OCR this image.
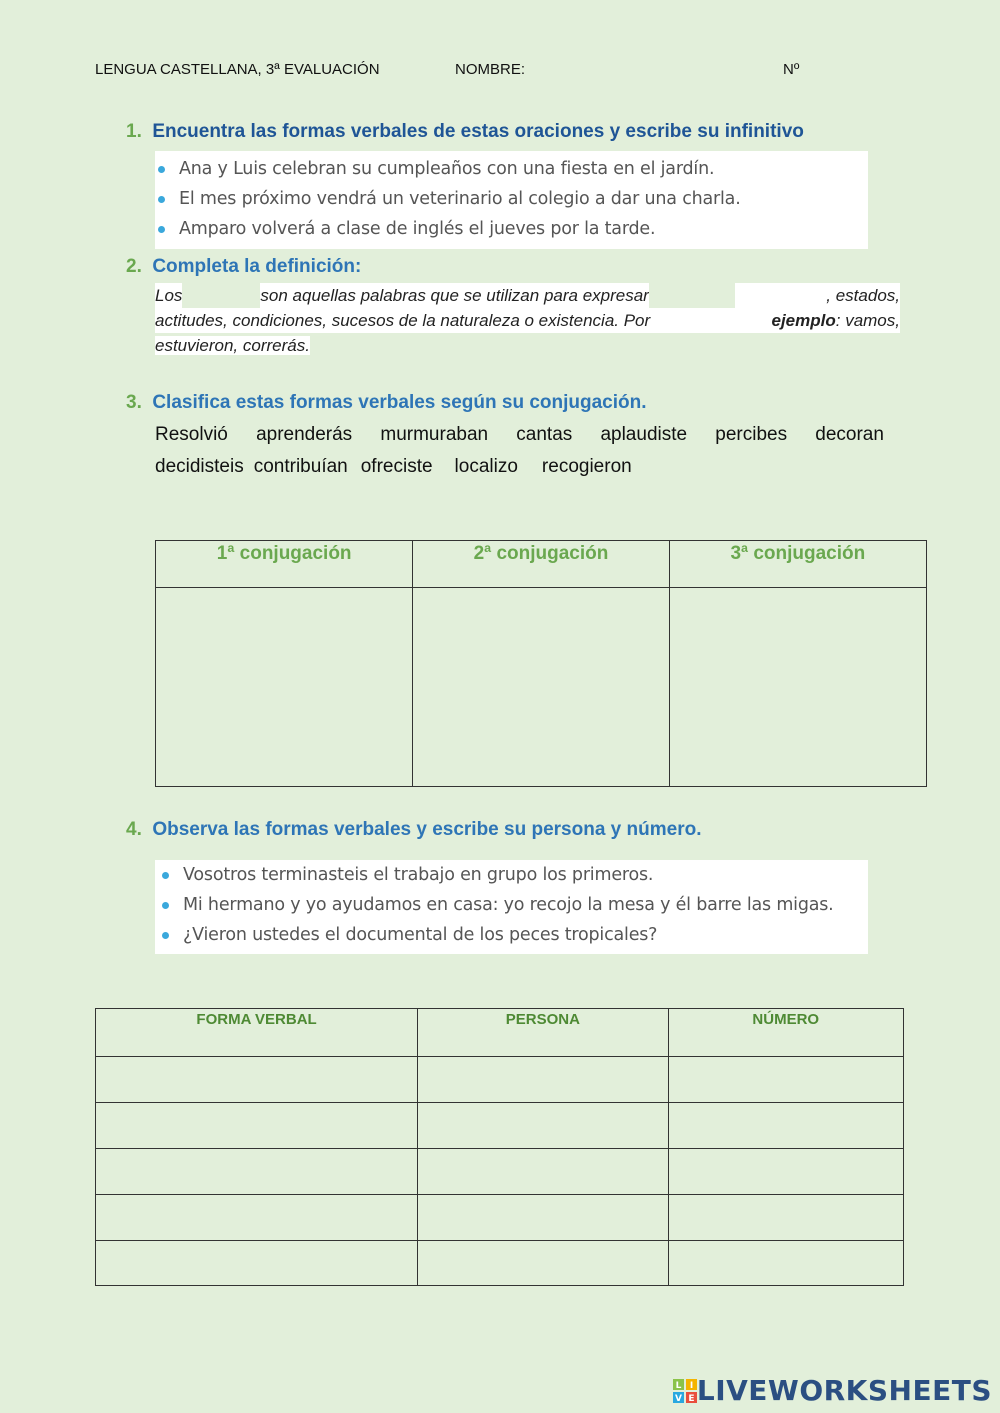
LENGUA CASTELLANA, 3ª EVALUACIÓN	NOMBRE:	Nº
1. Encuentra las formas verbales de estas oraciones y escribe su infinitivo
Ana y Luis celebran su cumpleaños con una fiesta en el jardín.
El mes próximo vendrá un veterinario al colegio a dar una charla.
Amparo volverá a clase de inglés el jueves por la tarde.
2. Completa la definición:
Los	son aquellas palabras que se utilizan para expresar	, estados,
actitudes, condiciones, sucesos de la naturaleza o existencia. Por	ejemplo: vamos,
estuvieron, correrás.
3. Clasifica estas formas verbales según su conjugación.
Resolvió aprenderás murmuraban cantas aplaudiste percibes decoran
decidisteis contribuían ofreciste localizo recogieron
1ª conjugación	2ª conjugación	3ª conjugación

4. Observa las formas verbales y escribe su persona y número.
Vosotros terminasteis el trabajo en grupo los primeros.
Mi hermano y yo ayudamos en casa: yo recojo la mesa y él barre las migas.
¿Vieron ustedes el documental de los peces tropicales?
FORMA VERBAL	PERSONA	NÚMERO

L I
V E LIVEWORKSHEETS
